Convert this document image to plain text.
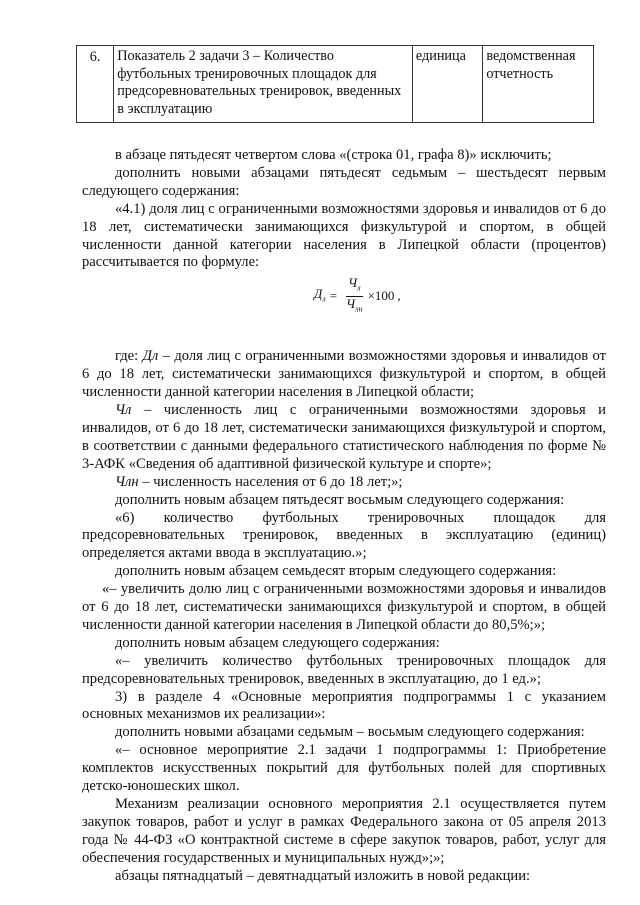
6.	Показатель 2 задачи 3 – Количество футбольных тренировочных площадок для предсоревновательных тренировок, введенных в эксплуатацию	единица	ведомственная отчетность

в абзаце пятьдесят четвертом слова «(строка 01, графа 8)» исключить;

дополнить новыми абзацами пятьдесят седьмым – шестьдесят первым следующего содержания:

«4.1) доля лиц с ограниченными возможностями здоровья и инвалидов от 6 до 18 лет, систематически занимающихся физкультурой и спортом, в общей численности данной категории населения в Липецкой области (процентов) рассчитывается по формуле:

$Д_л = \frac{Ч_л}{Ч_{лн}} \times 100$ ,

где: Дл – доля лиц с ограниченными возможностями здоровья и инвалидов от 6 до 18 лет, систематически занимающихся физкультурой и спортом, в общей численности данной категории населения в Липецкой области;

Чл – численность лиц с ограниченными возможностями здоровья и инвалидов, от 6 до 18 лет, систематически занимающихся физкультурой и спортом, в соответствии с данными федерального статистического наблюдения по форме № 3-АФК «Сведения об адаптивной физической культуре и спорте»;

Члн – численность населения от 6 до 18 лет;»;

дополнить новым абзацем пятьдесят восьмым следующего содержания:

«6) количество футбольных тренировочных площадок для предсоревновательных тренировок, введенных в эксплуатацию (единиц) определяется актами ввода в эксплуатацию.»;

дополнить новым абзацем семьдесят вторым следующего содержания:

«– увеличить долю лиц с ограниченными возможностями здоровья и инвалидов от 6 до 18 лет, систематически занимающихся физкультурой и спортом, в общей численности данной категории населения в Липецкой области до 80,5%;»;

дополнить новым абзацем следующего содержания:

«– увеличить количество футбольных тренировочных площадок для предсоревновательных тренировок, введенных в эксплуатацию, до 1 ед.»;

3) в разделе 4 «Основные мероприятия подпрограммы 1 с указанием основных механизмов их реализации»:

дополнить новыми абзацами седьмым – восьмым следующего содержания:

«– основное мероприятие 2.1 задачи 1 подпрограммы 1: Приобретение комплектов искусственных покрытий для футбольных полей для спортивных детско-юношеских школ.

Механизм реализации основного мероприятия 2.1 осуществляется путем закупок товаров, работ и услуг в рамках Федерального закона от 05 апреля 2013 года № 44-ФЗ «О контрактной системе в сфере закупок товаров, работ, услуг для обеспечения государственных и муниципальных нужд»;»;

абзацы пятнадцатый – девятнадцатый изложить в новой редакции:
